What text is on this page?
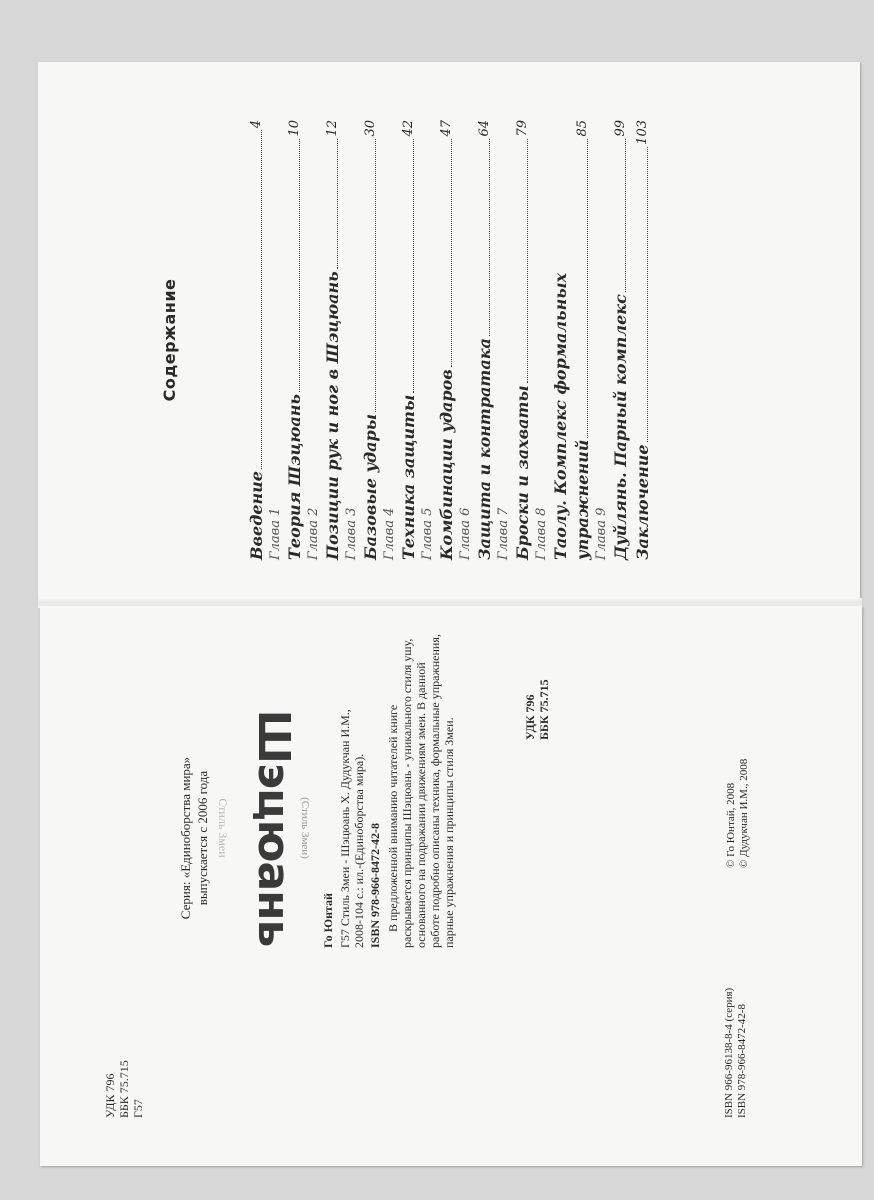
Содержание
Введение
4
Глава 1 Теория Шэцюань
10
Глава 2 Позиции рук и ног в Шэцюань
12
Глава 3 Базовые удары
30
Глава 4 Техника защиты
42
Глава 5 Комбинации ударов
47
Глава 6 Защита и контратака
64
Глава 7 Броски и захваты
79
Глава 8 Таолу. Комплекс формальных упражнений
85
Глава 9 Дуйлянь. Парный комплекс
99
Заключение
103
УДК 796 ББК 75.715 Г57
Серия: «Единоборства мира» выпускается с 2006 года Стиль Змеи Шэцюань (Стиль Змеи)
Го Юнтай Г57 Стиль Змеи - Шэцюань Х. Дудукчан И.М., 2008-104 с.: ил.-(Единоборства мира). ISBN 978-966-8472-42-8 В предложенной вниманию читателей книге раскрывается принципы Шэцюань - уникального стиля ушу, основанного на подражании движениям змеи. В данной работе подробно описаны техника, формальные упражнения, парные упражнения и принципы стиля Змеи.

УДК 796 ББК 75.715
ISBN 966-96138-8-4 (серия) ISBN 978-966-8472-42-8
© Го Юнтай, 2008 © Дудукчан И.М., 2008
